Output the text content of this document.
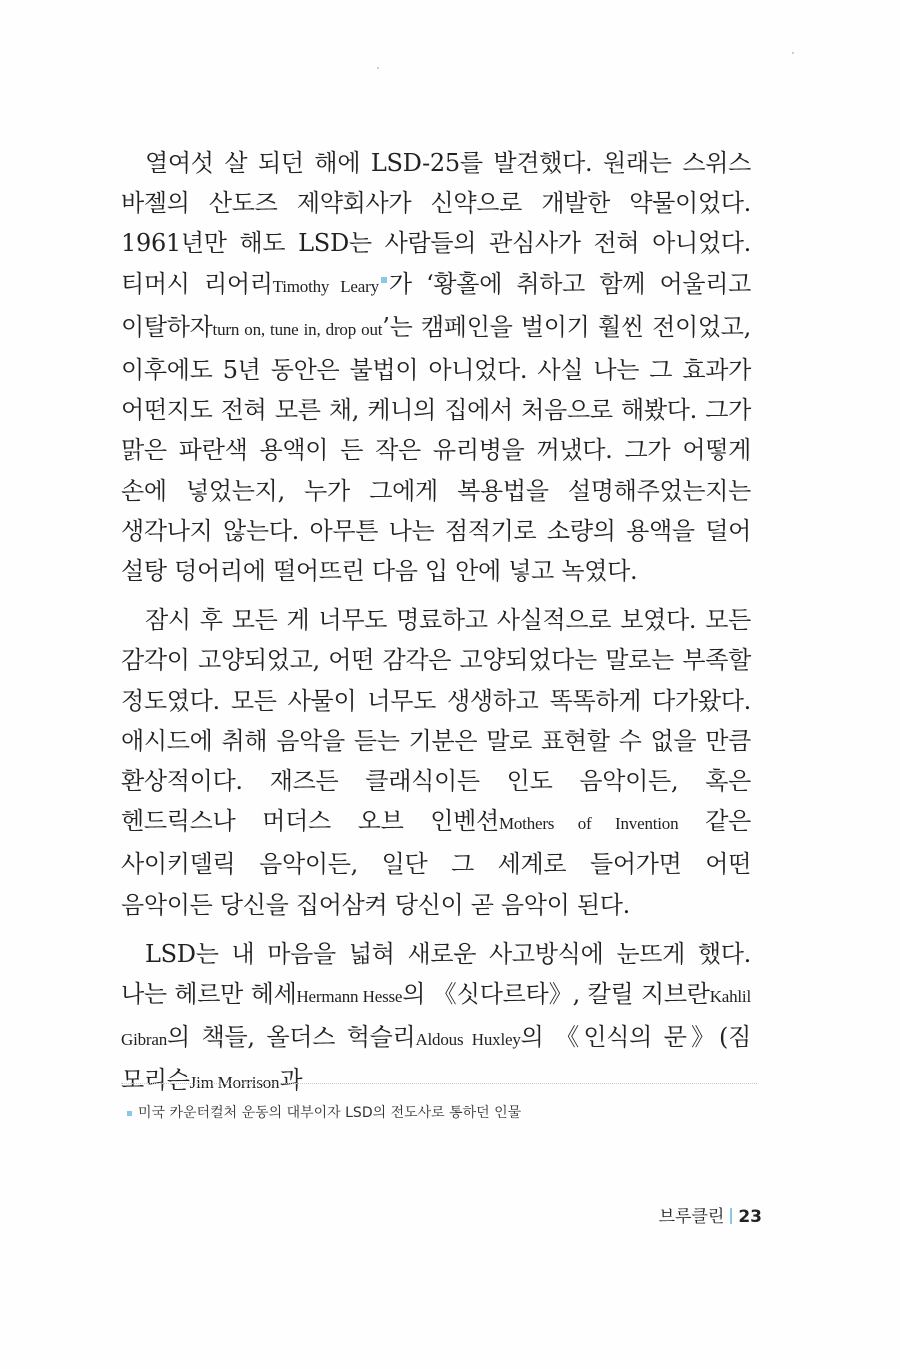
열여섯 살 되던 해에 LSD-25를 발견했다. 원래는 스위스 바젤의 산도즈 제약회사가 신약으로 개발한 약물이었다. 1961년만 해도 LSD는 사람들의 관심사가 전혀 아니었다. 티머시 리어리Timothy Leary 가 ‘황홀에 취하고 함께 어울리고 이탈하자turn on, tune in, drop out’는 캠페인을 벌이기 훨씬 전이었고, 이후에도 5년 동안은 불법이 아니었다. 사실 나는 그 효과가 어떤지도 전혀 모른 채, 케니의 집에서 처음으로 해봤다. 그가 맑은 파란색 용액이 든 작은 유리병을 꺼냈다. 그가 어떻게 손에 넣었는지, 누가 그에게 복용법을 설명해주었는지는 생각나지 않는다. 아무튼 나는 점적기로 소량의 용액을 덜어 설탕 덩어리에 떨어뜨린 다음 입 안에 넣고 녹였다.

잠시 후 모든 게 너무도 명료하고 사실적으로 보였다. 모든 감각이 고양되었고, 어떤 감각은 고양되었다는 말로는 부족할 정도였다. 모든 사물이 너무도 생생하고 똑똑하게 다가왔다. 애시드에 취해 음악을 듣는 기분은 말로 표현할 수 없을 만큼 환상적이다. 재즈든 클래식이든 인도 음악이든, 혹은 헨드릭스나 머더스 오브 인벤션Mothers of Invention 같은 사이키델릭 음악이든, 일단 그 세계로 들어가면 어떤 음악이든 당신을 집어삼켜 당신이 곧 음악이 된다.

LSD는 내 마음을 넓혀 새로운 사고방식에 눈뜨게 했다. 나는 헤르만 헤세Hermann Hesse의 《싯다르타》, 칼릴 지브란Kahlil Gibran의 책들, 올더스 헉슬리Aldous Huxley의 《인식의 문》(짐 모리슨Jim Morrison과

미국 카운터컬처 운동의 대부이자 LSD의 전도사로 통하던 인물
브루클린 23
